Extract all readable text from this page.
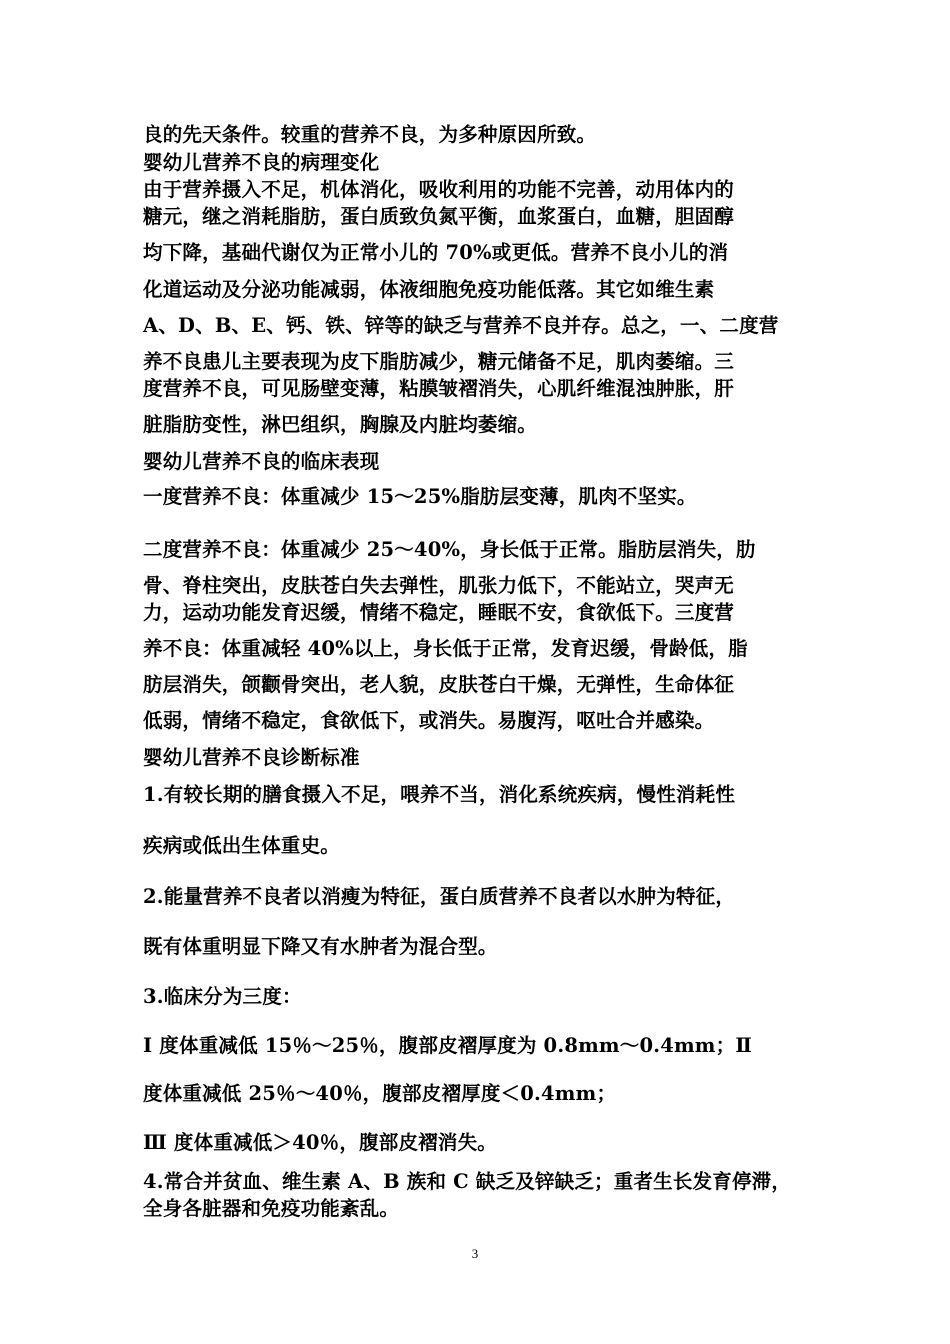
良的先天条件。较重的营养不良，为多种原因所致。
婴幼儿营养不良的病理变化
由于营养摄入不足，机体消化，吸收利用的功能不完善，动用体内的
糖元，继之消耗脂肪，蛋白质致负氮平衡，血浆蛋白，血糖，胆固醇
均下降，基础代谢仅为正常小儿的 70%或更低。营养不良小儿的消
化道运动及分泌功能减弱，体液细胞免疫功能低落。其它如维生素
A、D、B、E、钙、铁、锌等的缺乏与营养不良并存。总之，一、二度营
养不良患儿主要表现为皮下脂肪减少，糖元储备不足，肌肉萎缩。三
度营养不良，可见肠壁变薄，粘膜皱褶消失，心肌纤维混浊肿胀，肝
脏脂肪变性，淋巴组织，胸腺及内脏均萎缩。
婴幼儿营养不良的临床表现
一度营养不良：体重减少 15～25%脂肪层变薄，肌肉不坚实。
二度营养不良：体重减少 25～40%，身长低于正常。脂肪层消失，肋
骨、脊柱突出，皮肤苍白失去弹性，肌张力低下，不能站立，哭声无
力，运动功能发育迟缓，情绪不稳定，睡眠不安，食欲低下。三度营
养不良：体重减轻 40%以上，身长低于正常，发育迟缓，骨龄低，脂
肪层消失，颌颧骨突出，老人貌，皮肤苍白干燥，无弹性，生命体征
低弱，情绪不稳定，食欲低下，或消失。易腹泻，呕吐合并感染。
婴幼儿营养不良诊断标准
1.有较长期的膳食摄入不足，喂养不当，消化系统疾病，慢性消耗性
疾病或低出生体重史。
2.能量营养不良者以消瘦为特征，蛋白质营养不良者以水肿为特征，
既有体重明显下降又有水肿者为混合型。
3.临床分为三度：
Ⅰ 度体重减低 15％～25％，腹部皮褶厚度为 0.8mm～0.4mm；Ⅱ
度体重减低 25％～40％，腹部皮褶厚度＜0.4mm；
Ⅲ 度体重减低＞40％，腹部皮褶消失。
4.常合并贫血、维生素 A、B 族和 C 缺乏及锌缺乏；重者生长发育停滞，
全身各脏器和免疫功能紊乱。
3
